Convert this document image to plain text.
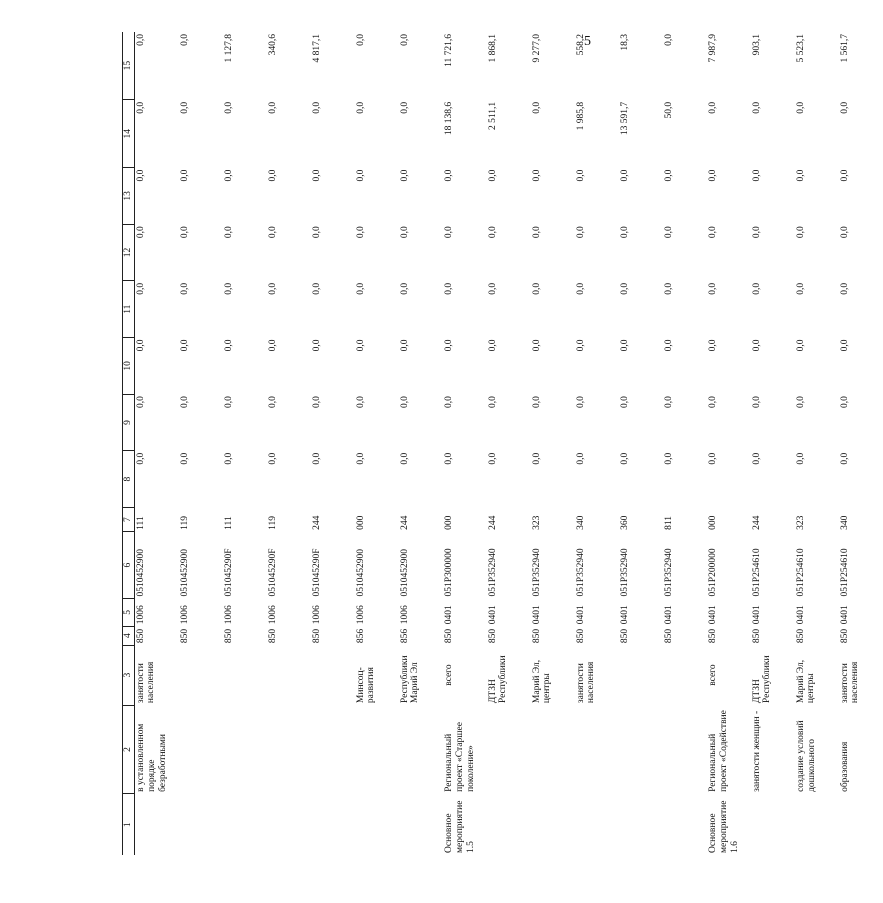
5
1	2	3	4	5	6	7	8	9	10	11	12	13	14	15
	в установленном порядке безработными	занятости населения	850	1006	0510452900	111	0,0	0,0	0,0	0,0	0,0	0,0	0,0	0,0
			850	1006	0510452900	119	0,0	0,0	0,0	0,0	0,0	0,0	0,0	0,0
			850	1006	051045290F	111	0,0	0,0	0,0	0,0	0,0	0,0	0,0	1 127,8
			850	1006	051045290F	119	0,0	0,0	0,0	0,0	0,0	0,0	0,0	340,6
			850	1006	051045290F	244	0,0	0,0	0,0	0,0	0,0	0,0	0,0	4 817,1
		Минсоц-развития	856	1006	0510452900	000	0,0	0,0	0,0	0,0	0,0	0,0	0,0	0,0
		Республики Марий Эл	856	1006	0510452900	244	0,0	0,0	0,0	0,0	0,0	0,0	0,0	0,0
Основное мероприятие 1.5	Региональный проект «Старшее поколение»	всего	850	0401	051P300000	000	0,0	0,0	0,0	0,0	0,0	0,0	18 138,6	11 721,6
		ДТЗН Республики	850	0401	051P352940	244	0,0	0,0	0,0	0,0	0,0	0,0	2 511,1	1 868,1
		Марий Эл, центры	850	0401	051P352940	323	0,0	0,0	0,0	0,0	0,0	0,0	0,0	9 277,0
		занятости населения	850	0401	051P352940	340	0,0	0,0	0,0	0,0	0,0	0,0	1 985,8	558,2
			850	0401	051P352940	360	0,0	0,0	0,0	0,0	0,0	0,0	13 591,7	18,3
			850	0401	051P352940	811	0,0	0,0	0,0	0,0	0,0	0,0	50,0	0,0
Основное мероприятие 1.6	Региональный проект «Содействие	всего	850	0401	051P200000	000	0,0	0,0	0,0	0,0	0,0	0,0	0,0	7 987,9
	занятости женщин -	ДТЗН Республики	850	0401	051P254610	244	0,0	0,0	0,0	0,0	0,0	0,0	0,0	903,1
	создание условий дошкольного	Марий Эл, центры	850	0401	051P254610	323	0,0	0,0	0,0	0,0	0,0	0,0	0,0	5 523,1
	образования	занятости населения	850	0401	051P254610	340	0,0	0,0	0,0	0,0	0,0	0,0	0,0	1 561,7
